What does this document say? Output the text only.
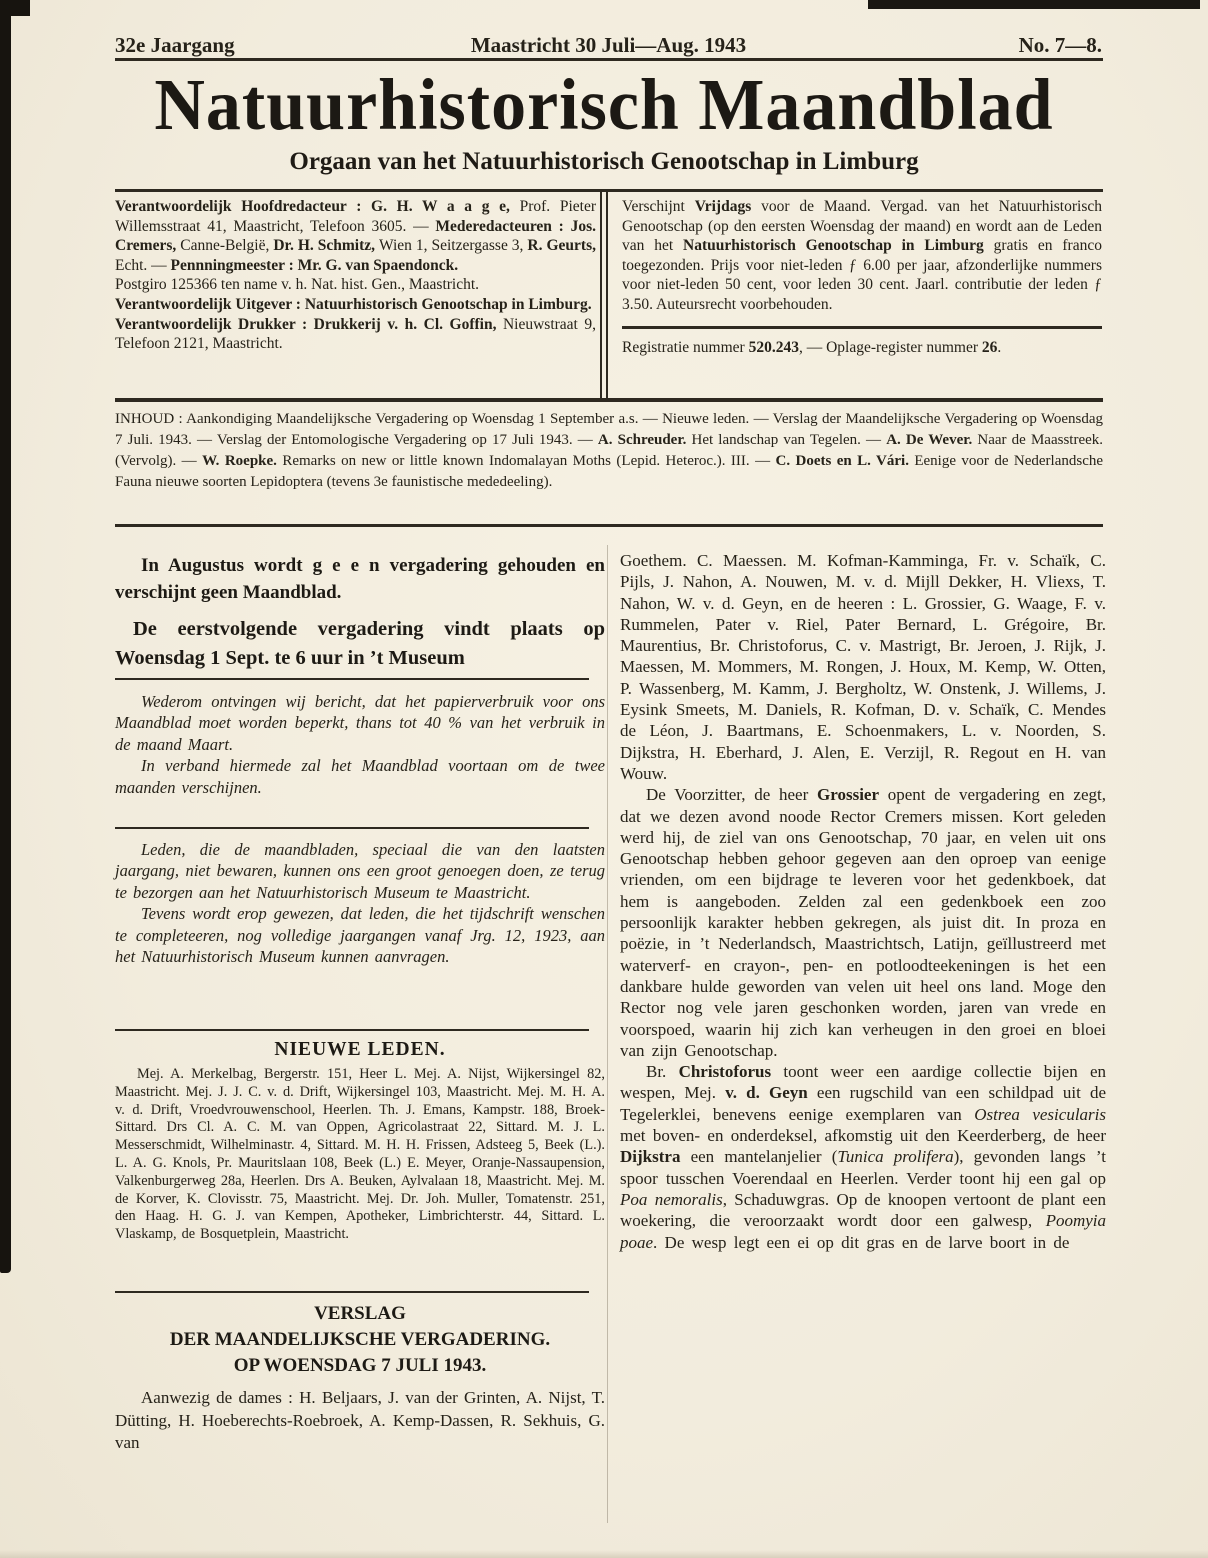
32e Jaargang	Maastricht 30 Juli—Aug. 1943	No. 7—8.
Natuurhistorisch Maandblad
Orgaan van het Natuurhistorisch Genootschap in Limburg

Verantwoordelijk Hoofdredacteur : G. H. W a a g e, Prof. Pieter Willemsstraat 41, Maastricht, Telefoon 3605. — Mederedacteuren : Jos. Cremers, Canne-België, Dr. H. Schmitz, Wien 1, Seitzergasse 3, R. Geurts, Echt. — Pennningmeester : Mr. G. van Spaendonck.

Postgiro 125366 ten name v. h. Nat. hist. Gen., Maastricht.

Verantwoordelijk Uitgever : Natuurhistorisch Genootschap in Limburg.

Verantwoordelijk Drukker : Drukkerij v. h. Cl. Goffin, Nieuwstraat 9, Telefoon 2121, Maastricht.

Verschijnt Vrijdags voor de Maand. Vergad. van het Natuurhistorisch Genootschap (op den eersten Woensdag der maand) en wordt aan de Leden van het Natuurhistorisch Genootschap in Limburg gratis en franco toegezonden. Prijs voor niet-leden ƒ 6.00 per jaar, afzonderlijke nummers voor niet-leden 50 cent, voor leden 30 cent. Jaarl. contributie der leden ƒ 3.50. Auteursrecht voorbehouden.

Registratie nummer 520.243, — Oplage-register nummer 26.

INHOUD : Aankondiging Maandelijksche Vergadering op Woensdag 1 September a.s. — Nieuwe leden. — Verslag der Maandelijksche Vergadering op Woensdag 7 Juli. 1943. — Verslag der Entomologische Vergadering op 17 Juli 1943. — A. Schreuder. Het landschap van Tegelen. — A. De Wever. Naar de Maasstreek. (Vervolg). — W. Roepke. Remarks on new or little known Indomalayan Moths (Lepid. Heteroc.). III. — C. Doets en L. Vári. Eenige voor de Nederlandsche Fauna nieuwe soorten Lepidoptera (tevens 3e faunistische mededeeling).
In Augustus wordt g e e n vergadering gehouden en verschijnt geen Maandblad.
De eerstvolgende vergadering vindt plaats op Woensdag 1 Sept. te 6 uur in ’t Museum

Wederom ontvingen wij bericht, dat het papierverbruik voor ons Maandblad moet worden beperkt, thans tot 40 % van het verbruik in de maand Maart.

In verband hiermede zal het Maandblad voortaan om de twee maanden verschijnen.

Leden, die de maandbladen, speciaal die van den laatsten jaargang, niet bewaren, kunnen ons een groot genoegen doen, ze terug te bezorgen aan het Natuurhistorisch Museum te Maastricht.

Tevens wordt erop gewezen, dat leden, die het tijdschrift wenschen te completeeren, nog volledige jaargangen vanaf Jrg. 12, 1923, aan het Natuurhistorisch Museum kunnen aanvragen.

NIEUWE LEDEN.
Mej. A. Merkelbag, Bergerstr. 151, Heer L. Mej. A. Nijst, Wijkersingel 82, Maastricht. Mej. J. J. C. v. d. Drift, Wijkersingel 103, Maastricht. Mej. M. H. A. v. d. Drift, Vroedvrouwenschool, Heerlen. Th. J. Emans, Kampstr. 188, Broek-Sittard. Drs Cl. A. C. M. van Oppen, Agricolastraat 22, Sittard. M. J. L. Messerschmidt, Wilhelminastr. 4, Sittard. M. H. H. Frissen, Adsteeg 5, Beek (L.). L. A. G. Knols, Pr. Mauritslaan 108, Beek (L.) E. Meyer, Oranje-Nassaupension, Valkenburgerweg 28a, Heerlen. Drs A. Beuken, Aylvalaan 18, Maastricht. Mej. M. de Korver, K. Clovisstr. 75, Maastricht. Mej. Dr. Joh. Muller, Tomatenstr. 251, den Haag. H. G. J. van Kempen, Apotheker, Limbrichterstr. 44, Sittard. L. Vlaskamp, de Bosquetplein, Maastricht.
VERSLAG
DER MAANDELIJKSCHE VERGADERING.
OP WOENSDAG 7 JULI 1943.
Aanwezig de dames : H. Beljaars, J. van der Grinten, A. Nijst, T. Dütting, H. Hoeberechts-Roebroek, A. Kemp-Dassen, R. Sekhuis, G. van

Goethem. C. Maessen. M. Kofman-Kamminga, Fr. v. Schaïk, C. Pijls, J. Nahon, A. Nouwen, M. v. d. Mijll Dekker, H. Vliexs, T. Nahon, W. v. d. Geyn, en de heeren : L. Grossier, G. Waage, F. v. Rummelen, Pater v. Riel, Pater Bernard, L. Grégoire, Br. Maurentius, Br. Christoforus, C. v. Mastrigt, Br. Jeroen, J. Rijk, J. Maessen, M. Mommers, M. Rongen, J. Houx, M. Kemp, W. Otten, P. Wassenberg, M. Kamm, J. Bergholtz, W. Onstenk, J. Willems, J. Eysink Smeets, M. Daniels, R. Kofman, D. v. Schaïk, C. Mendes de Léon, J. Baartmans, E. Schoenmakers, L. v. Noorden, S. Dijkstra, H. Eberhard, J. Alen, E. Verzijl, R. Regout en H. van Wouw.

De Voorzitter, de heer Grossier opent de vergadering en zegt, dat we dezen avond noode Rector Cremers missen. Kort geleden werd hij, de ziel van ons Genootschap, 70 jaar, en velen uit ons Genootschap hebben gehoor gegeven aan den oproep van eenige vrienden, om een bijdrage te leveren voor het gedenkboek, dat hem is aangeboden. Zelden zal een gedenkboek een zoo persoonlijk karakter hebben gekregen, als juist dit. In proza en poëzie, in ’t Nederlandsch, Maastrichtsch, Latijn, geïllustreerd met waterverf- en crayon-, pen- en potloodteekeningen is het een dankbare hulde geworden van velen uit heel ons land. Moge den Rector nog vele jaren geschonken worden, jaren van vrede en voorspoed, waarin hij zich kan verheugen in den groei en bloei van zijn Genootschap.

Br. Christoforus toont weer een aardige collectie bijen en wespen, Mej. v. d. Geyn een rugschild van een schildpad uit de Tegelerklei, benevens eenige exemplaren van Ostrea vesicularis met boven- en onderdeksel, afkomstig uit den Keerderberg, de heer Dijkstra een mantelanjelier (Tunica prolifera), gevonden langs ’t spoor tusschen Voerendaal en Heerlen. Verder toont hij een gal op Poa nemoralis, Schaduwgras. Op de knoopen vertoont de plant een woekering, die veroorzaakt wordt door een galwesp, Poomyia poae. De wesp legt een ei op dit gras en de larve boort in de
